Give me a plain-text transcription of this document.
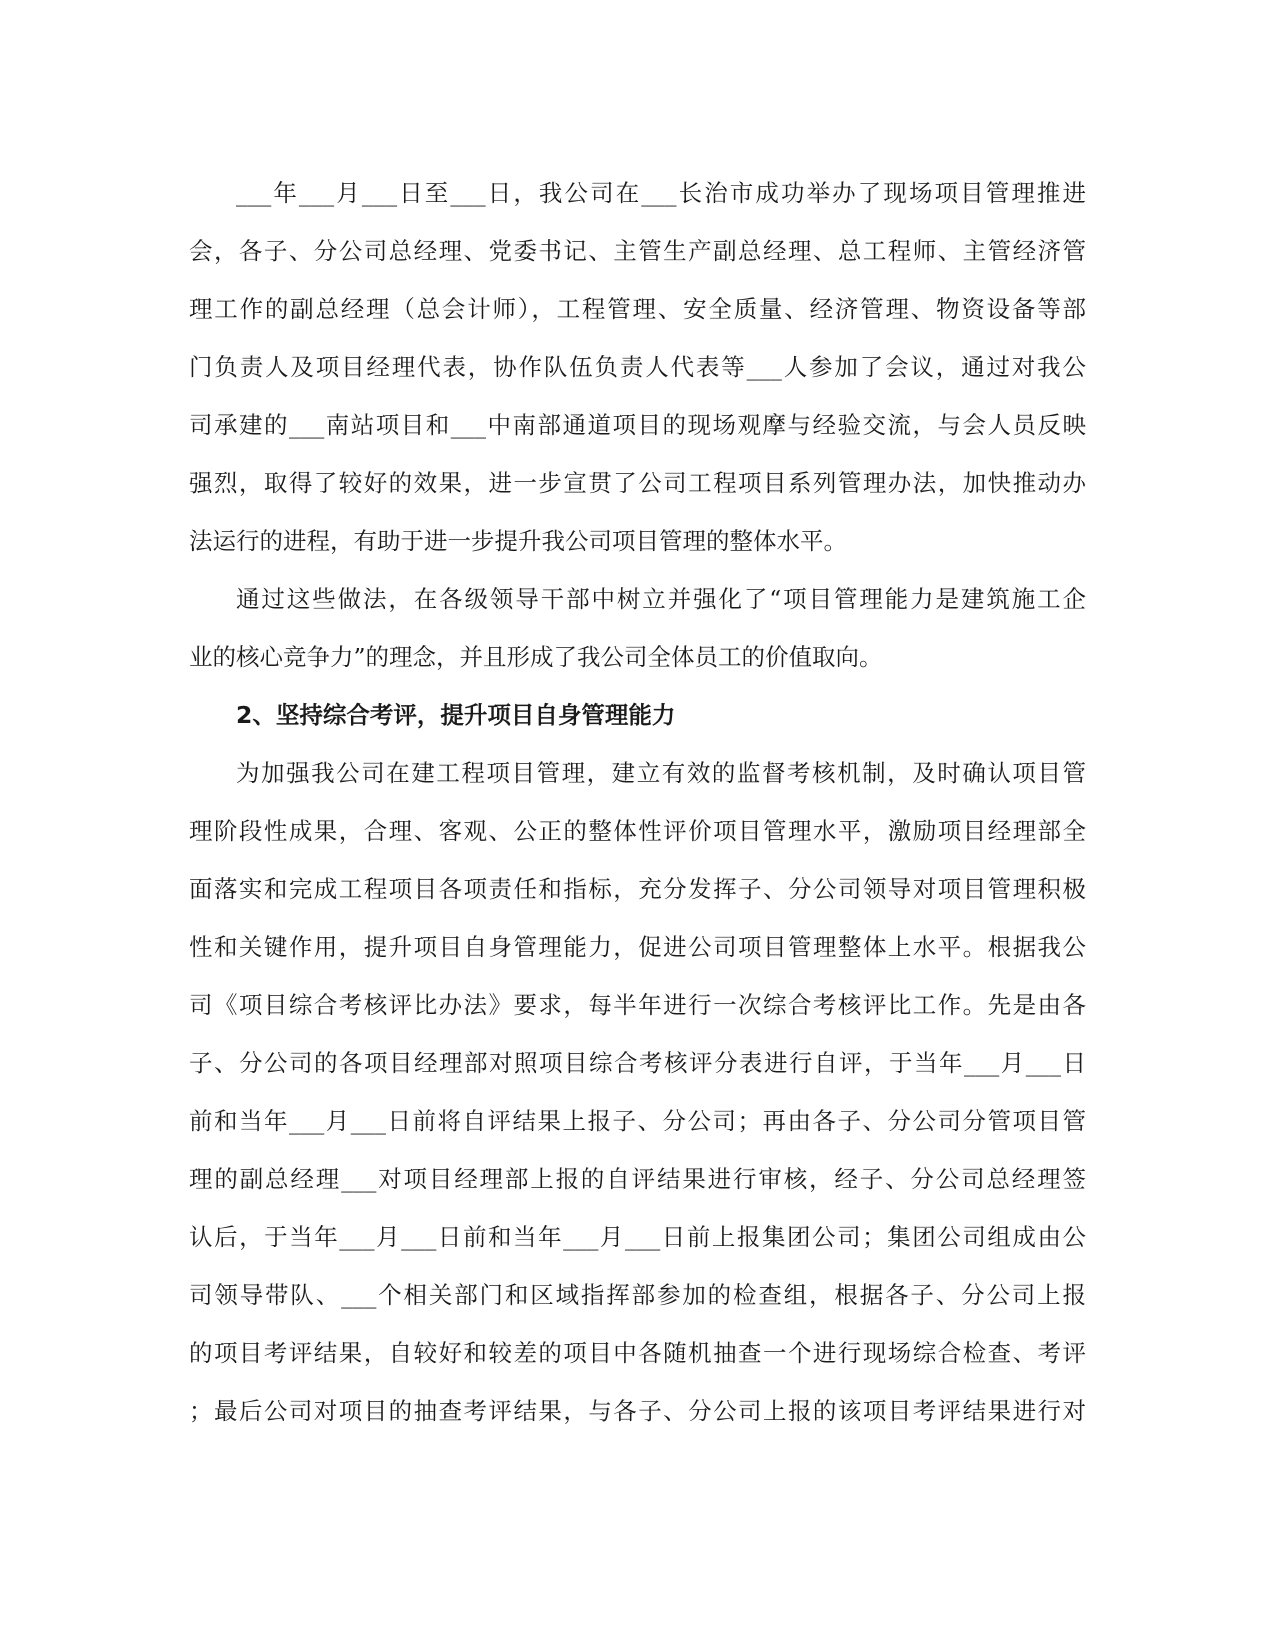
___年___月___日至___日，我公司在___长治市成功举办了现场项目管理推进
会，各子、分公司总经理、党委书记、主管生产副总经理、总工程师、主管经济管
理工作的副总经理（总会计师），工程管理、安全质量、经济管理、物资设备等部
门负责人及项目经理代表，协作队伍负责人代表等___人参加了会议，通过对我公
司承建的___南站项目和___中南部通道项目的现场观摩与经验交流，与会人员反映
强烈，取得了较好的效果，进一步宣贯了公司工程项目系列管理办法，加快推动办
法运行的进程，有助于进一步提升我公司项目管理的整体水平。
通过这些做法，在各级领导干部中树立并强化了“项目管理能力是建筑施工企
业的核心竞争力”的理念，并且形成了我公司全体员工的价值取向。
2、坚持综合考评，提升项目自身管理能力
为加强我公司在建工程项目管理，建立有效的监督考核机制，及时确认项目管
理阶段性成果，合理、客观、公正的整体性评价项目管理水平，激励项目经理部全
面落实和完成工程项目各项责任和指标，充分发挥子、分公司领导对项目管理积极
性和关键作用，提升项目自身管理能力，促进公司项目管理整体上水平。根据我公
司《项目综合考核评比办法》要求，每半年进行一次综合考核评比工作。先是由各
子、分公司的各项目经理部对照项目综合考核评分表进行自评，于当年___月___日
前和当年___月___日前将自评结果上报子、分公司；再由各子、分公司分管项目管
理的副总经理___对项目经理部上报的自评结果进行审核，经子、分公司总经理签
认后，于当年___月___日前和当年___月___日前上报集团公司；集团公司组成由公
司领导带队、___个相关部门和区域指挥部参加的检查组，根据各子、分公司上报
的项目考评结果，自较好和较差的项目中各随机抽查一个进行现场综合检查、考评
；最后公司对项目的抽查考评结果，与各子、分公司上报的该项目考评结果进行对
